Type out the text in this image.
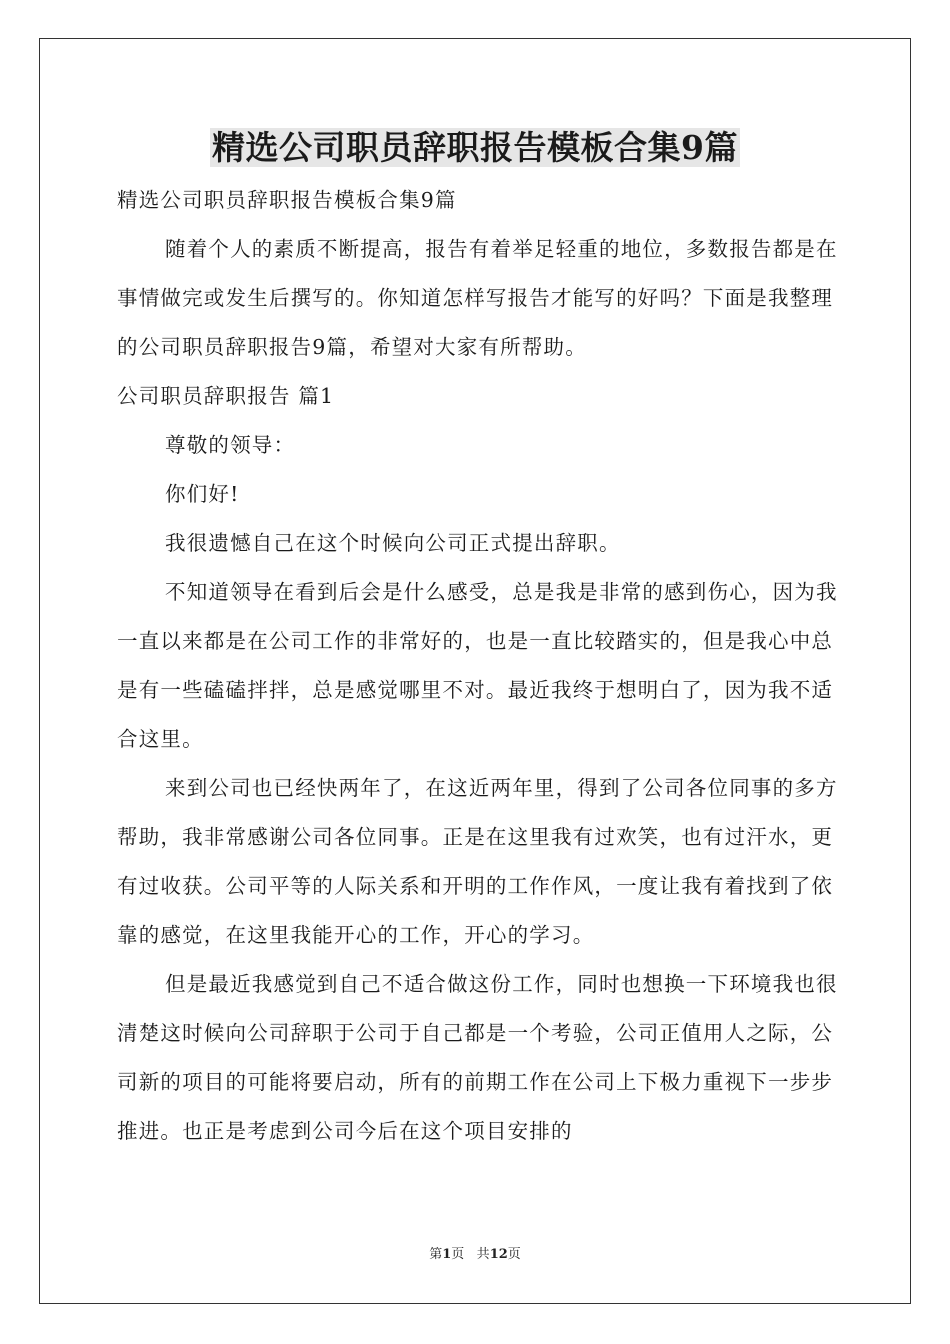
精选公司职员辞职报告模板合集9篇

精选公司职员辞职报告模板合集9篇

随着个人的素质不断提高，报告有着举足轻重的地位，多数报告都是在事情做完或发生后撰写的。你知道怎样写报告才能写的好吗？下面是我整理的公司职员辞职报告9篇，希望对大家有所帮助。

公司职员辞职报告 篇1

尊敬的领导：

你们好!

我很遗憾自己在这个时候向公司正式提出辞职。

不知道领导在看到后会是什么感受，总是我是非常的感到伤心，因为我一直以来都是在公司工作的非常好的，也是一直比较踏实的，但是我心中总是有一些磕磕拌拌，总是感觉哪里不对。最近我终于想明白了，因为我不适合这里。

来到公司也已经快两年了，在这近两年里，得到了公司各位同事的多方帮助，我非常感谢公司各位同事。正是在这里我有过欢笑，也有过汗水，更有过收获。公司平等的人际关系和开明的工作作风，一度让我有着找到了依靠的感觉，在这里我能开心的工作，开心的学习。

但是最近我感觉到自己不适合做这份工作，同时也想换一下环境我也很清楚这时候向公司辞职于公司于自己都是一个考验，公司正值用人之际，公司新的项目的可能将要启动，所有的前期工作在公司上下极力重视下一步步推进。也正是考虑到公司今后在这个项目安排的

第1页 共12页
